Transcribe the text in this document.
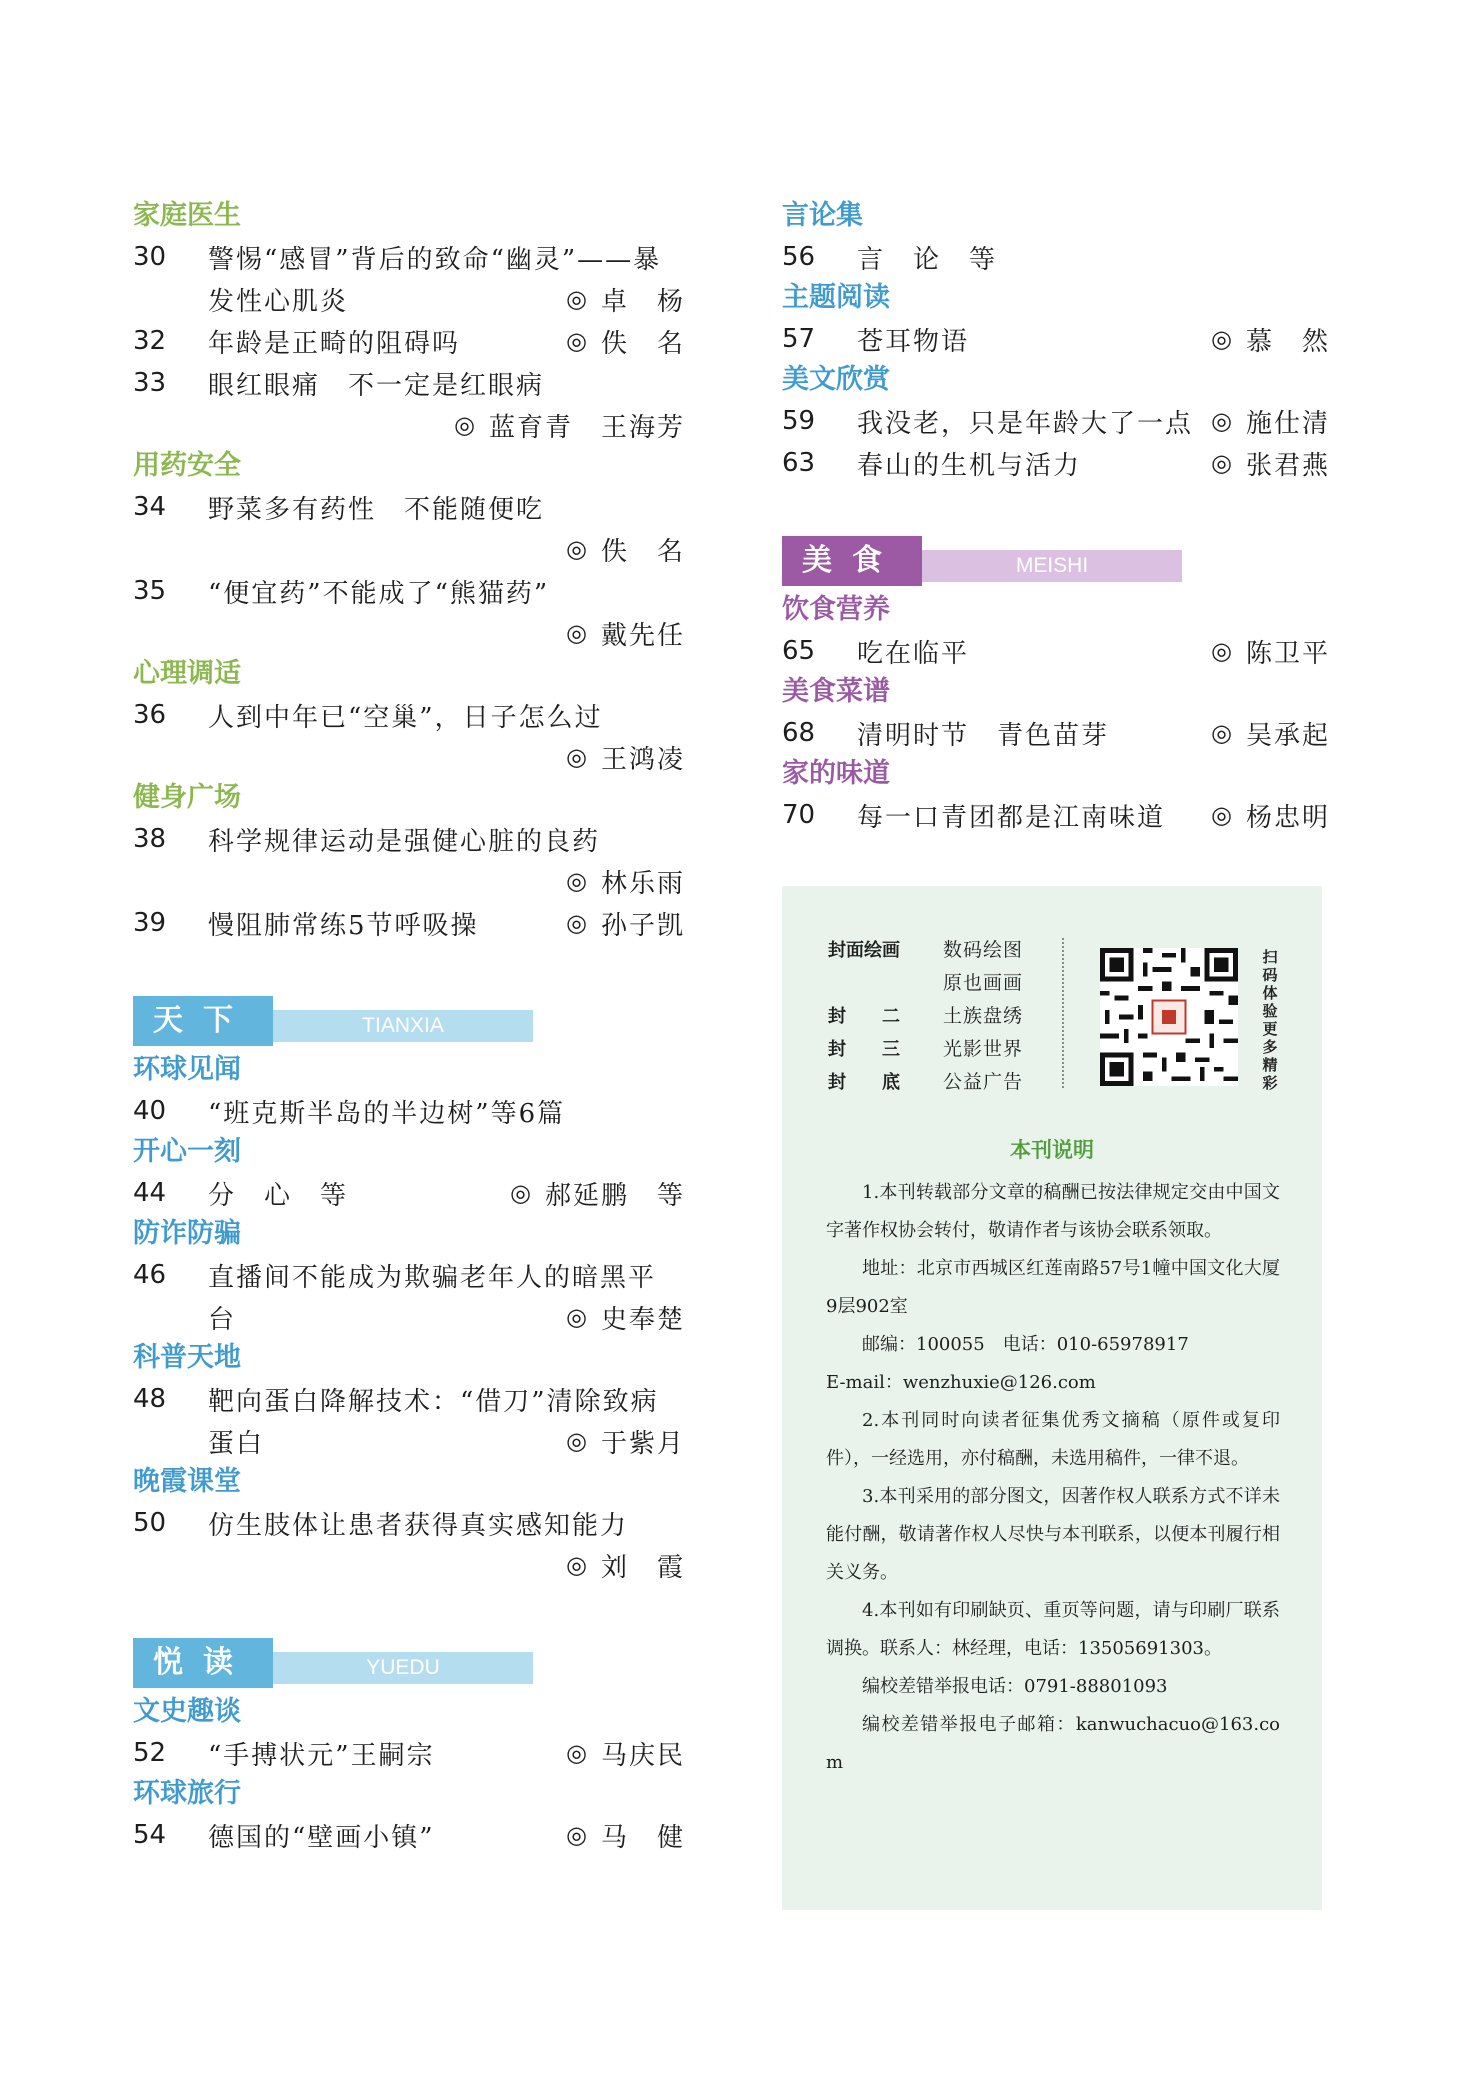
家庭医生
30	警惕“感冒”背后的致命“幽灵”——暴
发性心肌炎	◎ 卓　杨
32	年龄是正畸的阻碍吗	◎ 佚　名
33	眼红眼痛　不一定是红眼病
◎ 蓝育青　王海芳
用药安全
34	野菜多有药性　不能随便吃
◎ 佚　名
35	“便宜药”不能成了“熊猫药”
◎ 戴先任
心理调适
36	人到中年已“空巢”，日子怎么过
◎ 王鸿凌
健身广场
38	科学规律运动是强健心脏的良药
◎ 林乐雨
39	慢阻肺常练5节呼吸操	◎ 孙子凯
天下	TIANXIA
环球见闻
40	“班克斯半岛的半边树”等6篇
开心一刻
44	分　心　等	◎ 郝延鹏　等
防诈防骗
46	直播间不能成为欺骗老年人的暗黑平
台	◎ 史奉楚
科普天地
48	靶向蛋白降解技术：“借刀”清除致病
蛋白	◎ 于紫月
晚霞课堂
50	仿生肢体让患者获得真实感知能力
◎ 刘　霞
悦读	YUEDU
文史趣谈
52	“手搏状元”王嗣宗	◎ 马庆民
环球旅行
54	德国的“壁画小镇”	◎ 马　健
言论集
56	言　论　等
主题阅读
57	苍耳物语	◎ 慕　然
美文欣赏
59	我没老，只是年龄大了一点 ◎ 施仕清
63	春山的生机与活力	◎ 张君燕
美食	MEISHI
饮食营养
65	吃在临平	◎ 陈卫平
美食菜谱
68	清明时节　青色苗芽	◎ 吴承起
家的味道
70	每一口青团都是江南味道	◎ 杨忠明
封面绘画	数码绘图
原也画画
封　　二	土族盘绣
封　　三	光影世界
封　　底	公益广告
扫码体验更多精彩
本刊说明

1.本刊转载部分文章的稿酬已按法律规定交由中国文字著作权协会转付，敬请作者与该协会联系领取。

地址：北京市西城区红莲南路57号1幢中国文化大厦9层902室

邮编：100055　电话：010-65978917

E-mail：wenzhuxie@126.com

2.本刊同时向读者征集优秀文摘稿（原件或复印件），一经选用，亦付稿酬，未选用稿件，一律不退。

3.本刊采用的部分图文，因著作权人联系方式不详未能付酬，敬请著作权人尽快与本刊联系，以便本刊履行相关义务。

4.本刊如有印刷缺页、重页等问题，请与印刷厂联系调换。联系人：林经理，电话：13505691303。

编校差错举报电话：0791-88801093

编校差错举报电子邮箱：kanwuchacuo@163.com
